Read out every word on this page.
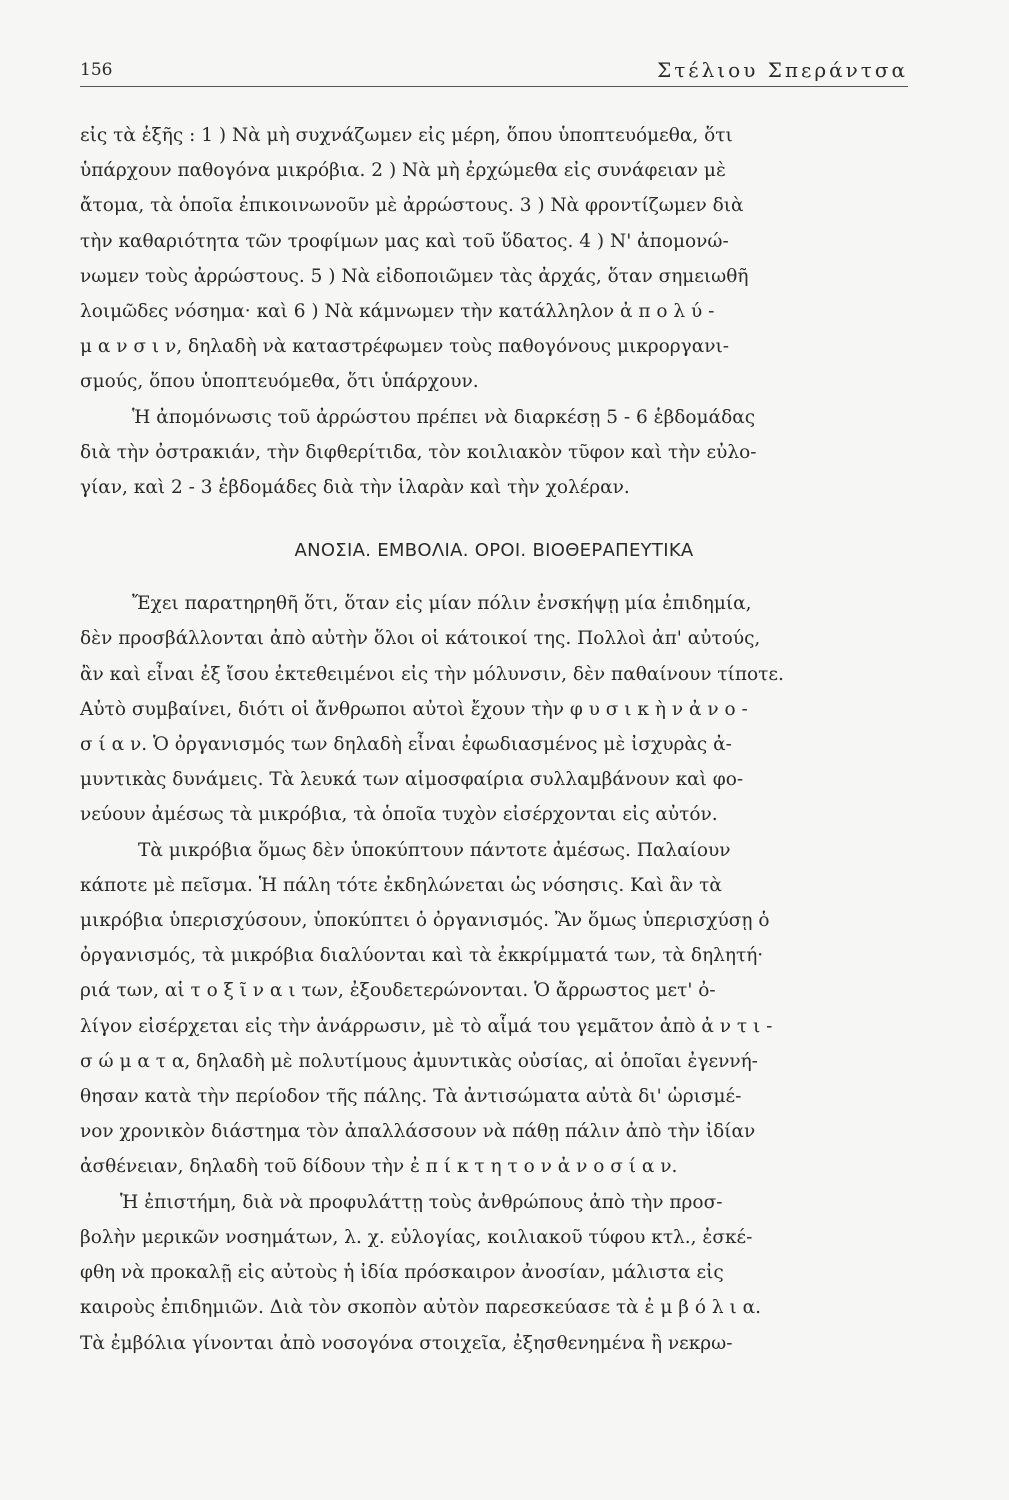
156	Στέλιου Σπεράντσα
εἰς τὰ ἑξῆς : 1 ) Νὰ μὴ συχνάζωμεν εἰς μέρη, ὅπου ὑποπτευόμεθα, ὅτι
ὑπάρχουν παθογόνα μικρόβια. 2 ) Νὰ μὴ ἐρχώμεθα εἰς συνάφειαν μὲ
ἄτομα, τὰ ὁποῖα ἐπικοινωνοῦν μὲ ἀρρώστους. 3 ) Νὰ φροντίζωμεν διὰ
τὴν καθαριότητα τῶν τροφίμων μας καὶ τοῦ ὕδατος. 4 ) Ν' ἀπομονώ-
νωμεν τοὺς ἀρρώστους. 5 ) Νὰ εἰδοποιῶμεν τὰς ἀρχάς, ὅταν σημειωθῆ
λοιμῶδες νόσημα· καὶ 6 ) Νὰ κάμνωμεν τὴν κατάλληλον ἀ π ο λ ύ -
μ α ν σ ι ν, δηλαδὴ νὰ καταστρέφωμεν τοὺς παθογόνους μικροργανι-
σμούς, ὅπου ὑποπτευόμεθα, ὅτι ὑπάρχουν.
Ἡ ἀπομόνωσις τοῦ ἀρρώστου πρέπει νὰ διαρκέσῃ 5 - 6 ἑβδομάδας
διὰ τὴν ὀστρακιάν, τὴν διφθερίτιδα, τὸν κοιλιακὸν τῦφον καὶ τὴν εὐλο-
γίαν, καὶ 2 - 3 ἑβδομάδες διὰ τὴν ἱλαρὰν καὶ τὴν χολέραν.
ΑΝΟΣΙΑ. ΕΜΒΟΛΙΑ. ΟΡΟΙ. ΒΙΟΘΕΡΑΠΕΥΤΙΚΑ
Ἔχει παρατηρηθῆ ὅτι, ὅταν εἰς μίαν πόλιν ἐνσκήψῃ μία ἐπιδημία,
δὲν προσβάλλονται ἀπὸ αὐτὴν ὅλοι οἱ κάτοικοί της. Πολλοὶ ἀπ' αὐτούς,
ἂν καὶ εἶναι ἐξ ἴσου ἐκτεθειμένοι εἰς τὴν μόλυνσιν, δὲν παθαίνουν τίποτε.
Αὐτὸ συμβαίνει, διότι οἱ ἄνθρωποι αὐτοὶ ἔχουν τὴν φ υ σ ι κ ὴ ν ἀ ν ο -
σ ί α ν. Ὁ ὀργανισμός των δηλαδὴ εἶναι ἐφωδιασμένος μὲ ἰσχυρὰς ἀ-
μυντικὰς δυνάμεις. Τὰ λευκά των αἱμοσφαίρια συλλαμβάνουν καὶ φο-
νεύουν ἀμέσως τὰ μικρόβια, τὰ ὁποῖα τυχὸν εἰσέρχονται εἰς αὐτόν.
Τὰ μικρόβια ὅμως δὲν ὑποκύπτουν πάντοτε ἀμέσως. Παλαίουν
κάποτε μὲ πεῖσμα. Ἡ πάλη τότε ἐκδηλώνεται ὡς νόσησις. Καὶ ἂν τὰ
μικρόβια ὑπερισχύσουν, ὑποκύπτει ὁ ὀργανισμός. Ἂν ὅμως ὑπερισχύσῃ ὁ
ὀργανισμός, τὰ μικρόβια διαλύονται καὶ τὰ ἐκκρίμματά των, τὰ δηλητή·
ριά των, αἱ τ ο ξ ῖ ν α ι των, ἐξουδετερώνονται. Ὁ ἄρρωστος μετ' ὀ-
λίγον εἰσέρχεται εἰς τὴν ἀνάρρωσιν, μὲ τὸ αἷμά του γεμᾶτον ἀπὸ ἀ ν τ ι -
σ ώ μ α τ α, δηλαδὴ μὲ πολυτίμους ἀμυντικὰς οὐσίας, αἱ ὁποῖαι ἐγεννή-
θησαν κατὰ τὴν περίοδον τῆς πάλης. Τὰ ἀντισώματα αὐτὰ δι' ὡρισμέ-
νον χρονικὸν διάστημα τὸν ἀπαλλάσσουν νὰ πάθῃ πάλιν ἀπὸ τὴν ἰδίαν
ἀσθένειαν, δηλαδὴ τοῦ δίδουν τὴν ἐ π ί κ τ η τ ο ν ἀ ν ο σ ί α ν.
Ἡ ἐπιστήμη, διὰ νὰ προφυλάττῃ τοὺς ἀνθρώπους ἀπὸ τὴν προσ-
βολὴν μερικῶν νοσημάτων, λ. χ. εὐλογίας, κοιλιακοῦ τύφου κτλ., ἐσκέ-
φθη νὰ προκαλῇ εἰς αὐτοὺς ἡ ἰδία πρόσκαιρον ἀνοσίαν, μάλιστα εἰς
καιροὺς ἐπιδημιῶν. Διὰ τὸν σκοπὸν αὐτὸν παρεσκεύασε τὰ ἐ μ β ό λ ι α.
Τὰ ἐμβόλια γίνονται ἀπὸ νοσογόνα στοιχεῖα, ἐξησθενημένα ἢ νεκρω-
